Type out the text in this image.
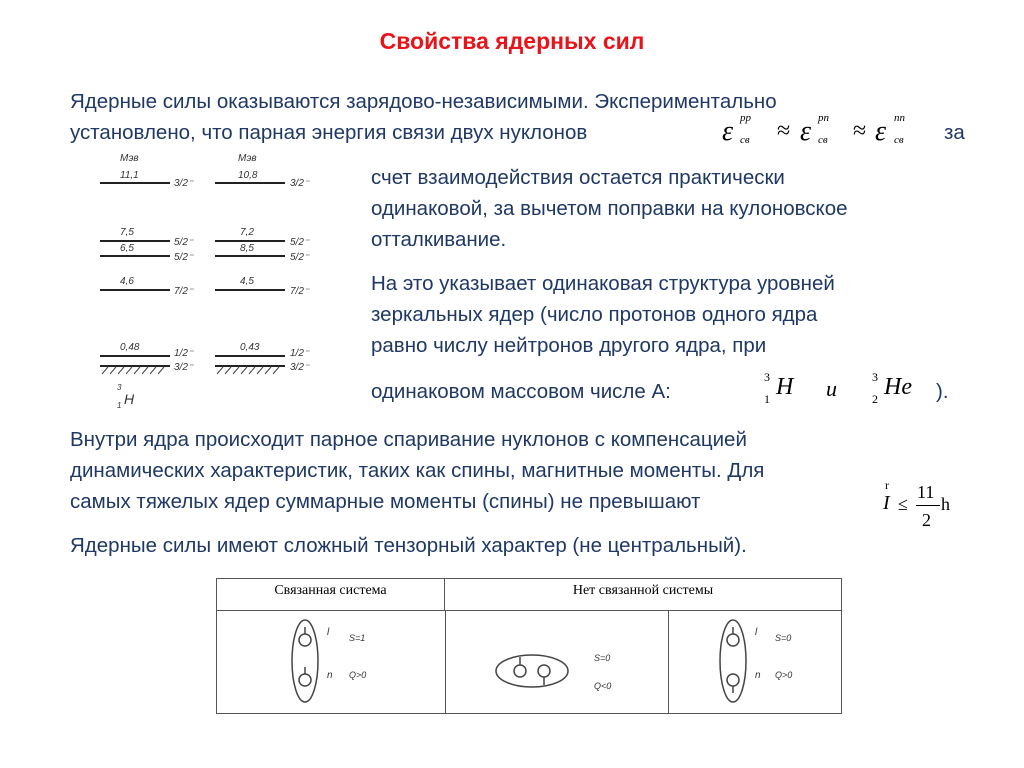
Свойства ядерных сил
Ядерные силы оказываются зарядово-независимыми. Экспериментально
установлено, что парная энергия связи двух нуклонов	ε pp
св ≈ ε pn
св ≈ ε nn
св за
счет взаимодействия остается практически
одинаковой, за вычетом поправки на кулоновское
отталкивание.
На это указывает одинаковая структура уровней
зеркальных ядер (число протонов одного ядра
равно числу нейтронов другого ядра, при
одинаковом массовом числе А:
3
1 H и	3
2 He ).
Мэв
11,1
3/2⁻
7,5
5/2⁻
6,5
5/2⁻
4,6
7/2⁻
0,48
1/2⁻
3/2⁻
3
1 H
Мэв
10,8
3/2⁻
7,2
5/2⁻
8,5
5/2⁻
4,5
7/2⁻
0,43
1/2⁻
3/2⁻
Внутри ядра происходит парное спаривание нуклонов с компенсацией
динамических характеристик, таких как спины, магнитные моменты. Для
самых тяжелых ядер суммарные моменты (спины) не превышают
r
I ≤
11
2
h
Ядерные силы имеют сложный тензорный характер (не центральный).
Связанная система	Нет связанной системы
l S=1
n Q>0
S=0
Q<0
l S=0
n Q>0
